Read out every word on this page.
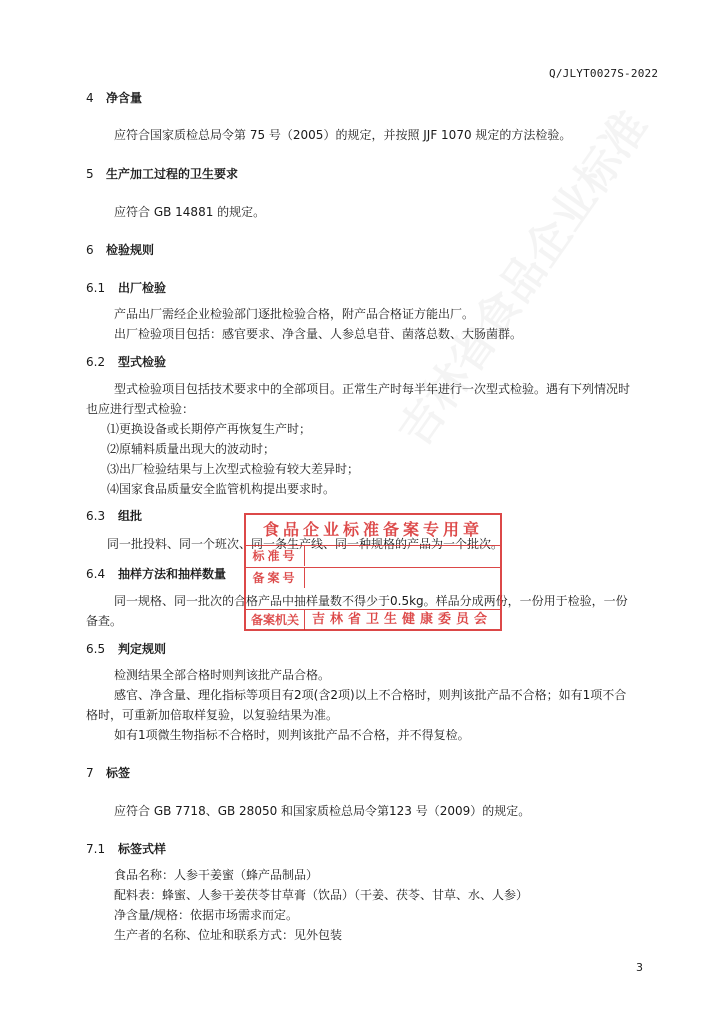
Q/JLYT0027S-2022
4 净含量
应符合国家质检总局令第 75 号（2005）的规定，并按照 JJF 1070 规定的方法检验。
5 生产加工过程的卫生要求
应符合 GB 14881 的规定。
6 检验规则
6.1 出厂检验
产品出厂需经企业检验部门逐批检验合格，附产品合格证方能出厂。
出厂检验项目包括：感官要求、净含量、人参总皂苷、菌落总数、大肠菌群。
6.2 型式检验
型式检验项目包括技术要求中的全部项目。正常生产时每半年进行一次型式检验。遇有下列情况时
也应进行型式检验：
⑴更换设备或长期停产再恢复生产时；
⑵原辅料质量出现大的波动时；
⑶出厂检验结果与上次型式检验有较大差异时；
⑷国家食品质量安全监管机构提出要求时。
6.3 组批
同一批投料、同一个班次、同一条生产线、同一种规格的产品为一个批次。
6.4 抽样方法和抽样数量
同一规格、同一批次的合格产品中抽样量数不得少于0.5kg。样品分成两份，一份用于检验，一份
备查。
6.5 判定规则
检测结果全部合格时则判该批产品合格。
感官、净含量、理化指标等项目有2项(含2项)以上不合格时，则判该批产品不合格；如有1项不合
格时，可重新加倍取样复验，以复验结果为准。
如有1项微生物指标不合格时，则判该批产品不合格，并不得复检。
7 标签
应符合 GB 7718、GB 28050 和国家质检总局令第123 号（2009）的规定。
7.1 标签式样
食品名称：人参干姜蜜（蜂产品制品）
配料表：蜂蜜、人参干姜茯苓甘草膏（饮品）（干姜、茯苓、甘草、水、人参）
净含量/规格：依据市场需求而定。
生产者的名称、位址和联系方式：见外包装
食品企业标准备案专用章
标准号
备案号
备案机关 吉林省卫生健康委员会
3
